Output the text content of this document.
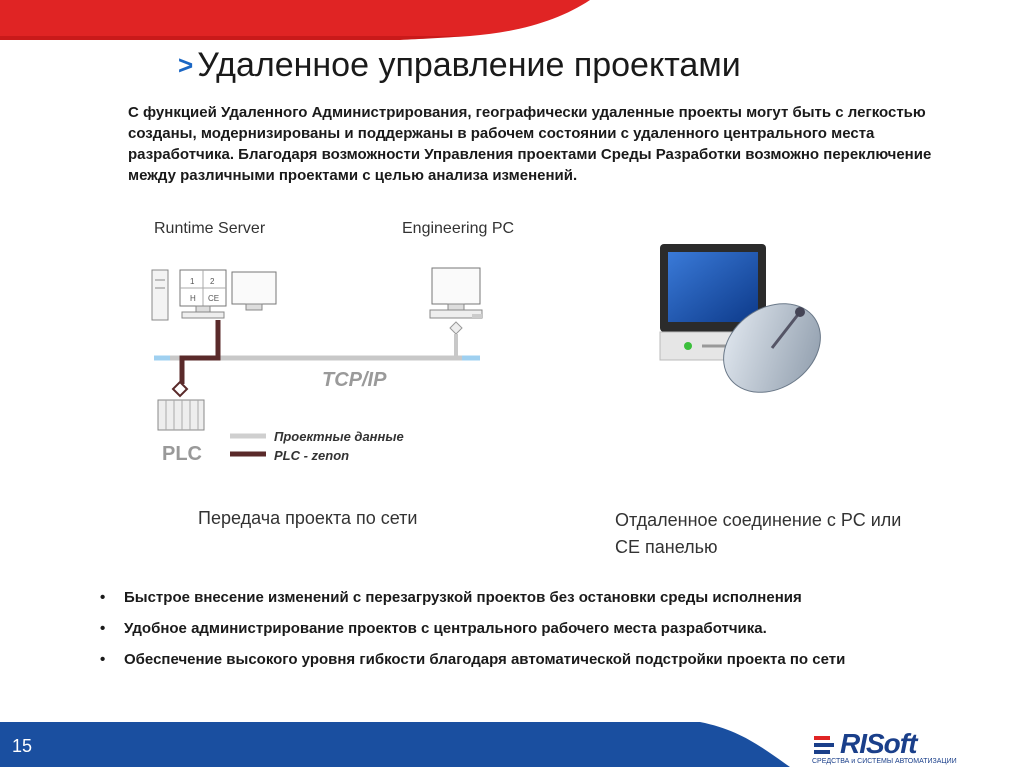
> Удаленное управление проектами
С функцией Удаленного Администрирования, географически удаленные проекты могут быть с легкостью созданы, модернизированы и поддержаны в рабочем состоянии с удаленного центрального места разработчика. Благодаря возможности Управления проектами Среды Разработки возможно переключение между различными проектами с целью анализа изменений.
Runtime Server	Engineering PC
1 2
H CE
TCP/IP
PLC
Проектные данные
PLC - zenon
Передача проекта по сети	Отдаленное соединение с РС или СЕ панелью
• Быстрое внесение изменений с перезагрузкой проектов без остановки среды исполнения
• Удобное администрирование проектов с центрального рабочего места разработчика.
• Обеспечение высокого уровня гибкости благодаря автоматической подстройки проекта по сети
15	RISoft
СРЕДСТВА и СИСТЕМЫ АВТОМАТИЗАЦИИ
